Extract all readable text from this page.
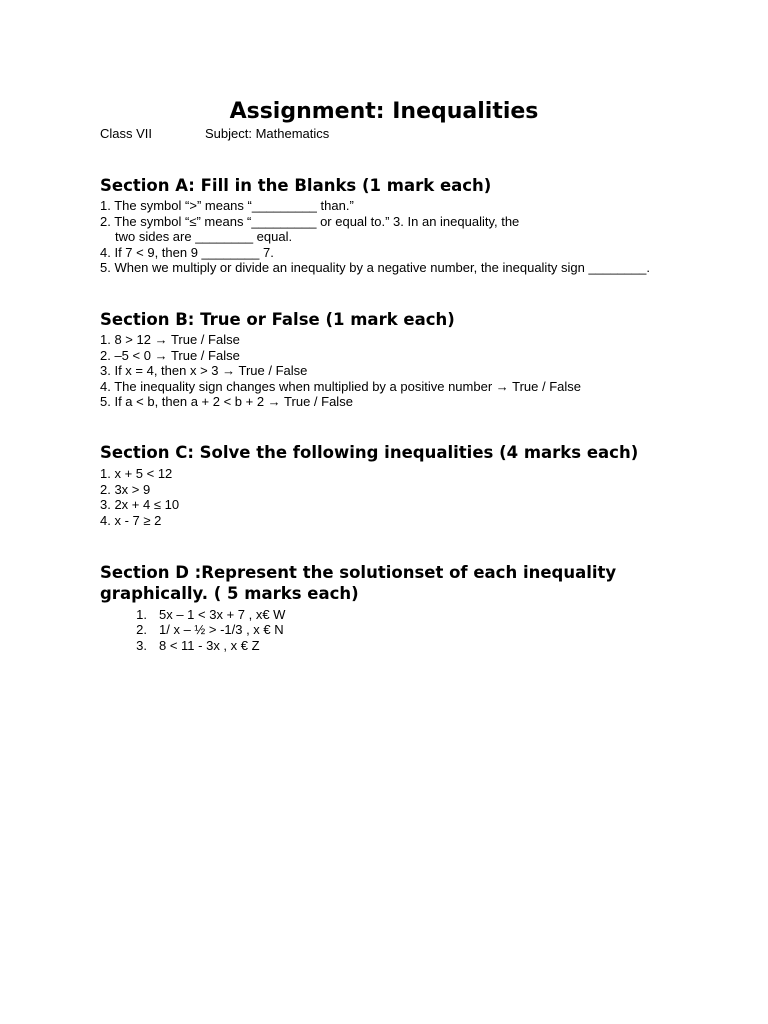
Assignment: Inequalities
Class VII	Subject: Mathematics
Section A: Fill in the Blanks (1 mark each)
1. The symbol “>” means “_________ than.”
2. The symbol “≤” means “_________ or equal to.” 3. In an inequality, the
two sides are ________ equal.
4. If 7 < 9, then 9 ________ 7.
5. When we multiply or divide an inequality by a negative number, the inequality sign ________.
Section B: True or False (1 mark each)
1. 8 > 12 → True / False
2. –5 < 0 → True / False
3. If x = 4, then x > 3 → True / False
4. The inequality sign changes when multiplied by a positive number → True / False
5. If a < b, then a + 2 < b + 2 → True / False
Section C: Solve the following inequalities (4 marks each)
1. x + 5 < 12
2. 3x > 9
3. 2x + 4 ≤ 10
4. x - 7 ≥ 2
Section D :Represent the solutionset of each inequality
graphically. ( 5 marks each)
1. 5x – 1 < 3x + 7 , x€ W
2. 1/ x – ½ > -1/3 , x € N
3. 8 < 11 - 3x , x € Z
